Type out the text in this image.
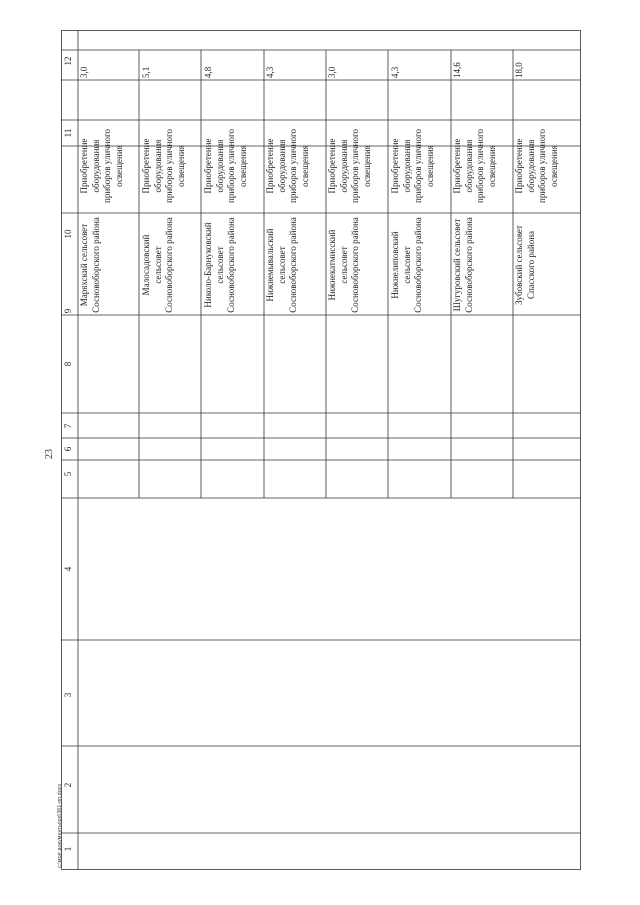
23
1
2
3
4
5
6
7
8
9
10
11
12
Маряхский сельсовет Сосновоборского района
Приобретение оборудования приборов уличного освещения
3,0
Малосадовский сельсовет Сосновоборского района
Приобретение оборудования приборов уличного освещения
5,1
Николо-Барнуковский сельсовет Сосновоборского района
Приобретение оборудования приборов уличного освещения
4,8
Нижнемывальский сельсовет Сосновоборского района
Приобретение оборудования приборов уличного освещения
4,3
Нижнекатмисский сельсовет Сосновоборского района
Приобретение оборудования приборов уличного освещения
3,0
Нижнелиповский сельсовет Сосновоборского района
Приобретение оборудования приборов уличного освещения
4,3
Шугуровский сельсовет Сосновоборского района
Приобретение оборудования приборов уличного освещения
14,6
Зубовский сельсовет Спасского района
Приобретение оборудования приборов уличного освещения
18,0
c:\мои документы\pd\361-пп.docx
